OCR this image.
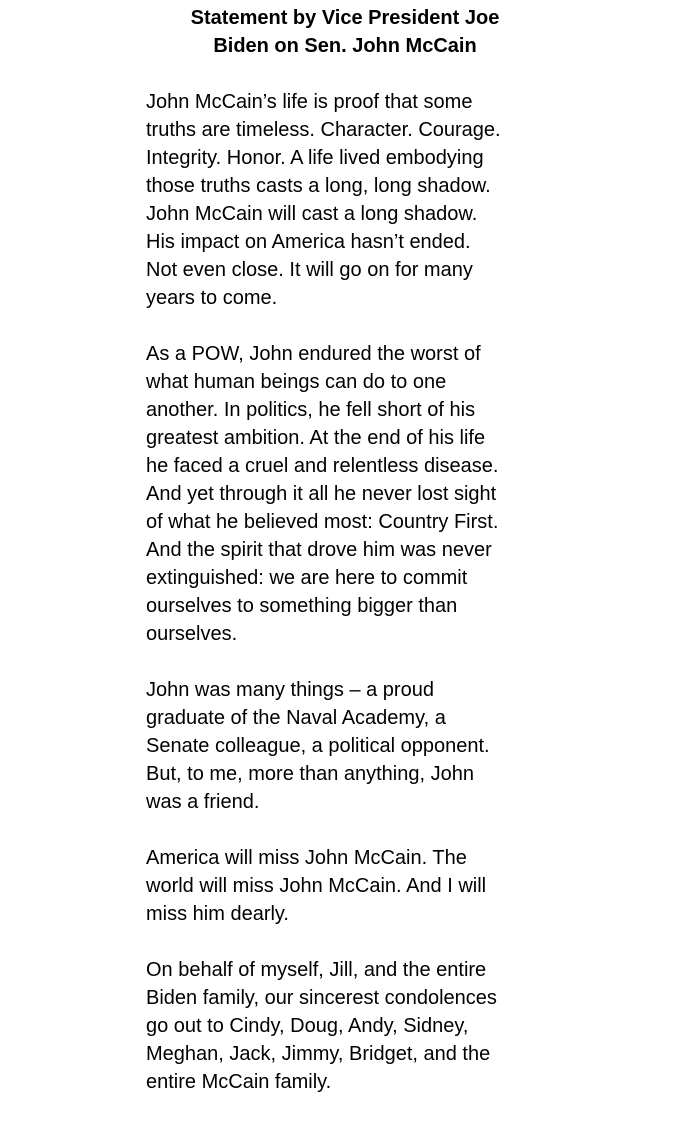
Statement by Vice President Joe
Biden on Sen. John McCain

John McCain’s life is proof that some
truths are timeless. Character. Courage.
Integrity. Honor. A life lived embodying
those truths casts a long, long shadow.
John McCain will cast a long shadow.
His impact on America hasn’t ended.
Not even close. It will go on for many
years to come.

As a POW, John endured the worst of
what human beings can do to one
another. In politics, he fell short of his
greatest ambition. At the end of his life
he faced a cruel and relentless disease.
And yet through it all he never lost sight
of what he believed most: Country First.
And the spirit that drove him was never
extinguished: we are here to commit
ourselves to something bigger than
ourselves.

John was many things – a proud
graduate of the Naval Academy, a
Senate colleague, a political opponent.
But, to me, more than anything, John
was a friend.

America will miss John McCain. The
world will miss John McCain. And I will
miss him dearly.

On behalf of myself, Jill, and the entire
Biden family, our sincerest condolences
go out to Cindy, Doug, Andy, Sidney,
Meghan, Jack, Jimmy, Bridget, and the
entire McCain family.
